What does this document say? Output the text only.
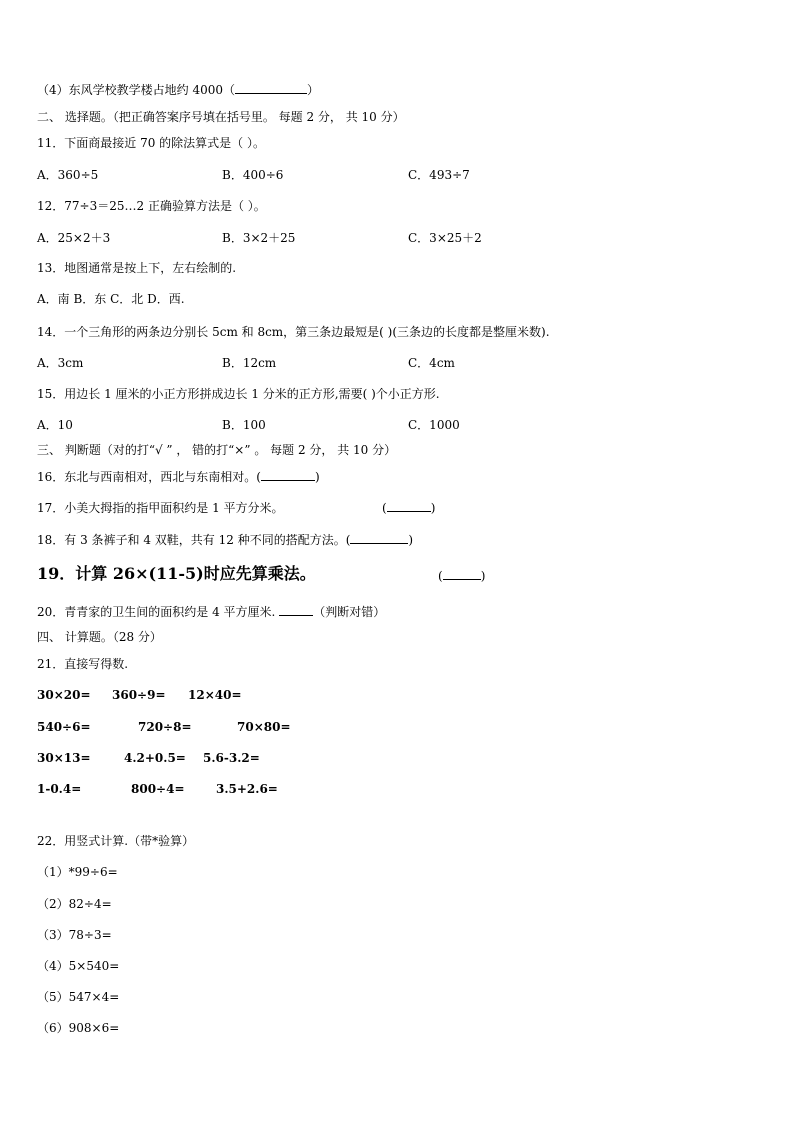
（4）东风学校教学楼占地约 4000（	）
二、 选择题。（把正确答案序号填在括号里。 每题 2 分， 共 10 分）
11．下面商最接近 70 的除法算式是（ ）。
A．360÷5	B．400÷6	C．493÷7
12．77÷3＝25…2 正确验算方法是（ ）。
A．25×2＋3	B．3×2＋25	C．3×25＋2
13．地图通常是按上下，左右绘制的.
A．南 B．东 C．北 D．西.
14．一个三角形的两条边分别长 5cm 和 8cm，第三条边最短是( )(三条边的长度都是整厘米数).
A．3cm	B．12cm	C．4cm
15．用边长 1 厘米的小正方形拼成边长 1 分米的正方形,需要( )个小正方形.
A．10	B．100	C．1000
三、 判断题（对的打“√ ” ， 错的打“×” 。 每题 2 分， 共 10 分）
16．东北与西南相对，西北与东南相对。(	)
17．小美大拇指的指甲面积约是 1 平方分米。	(	)
18．有 3 条裤子和 4 双鞋，共有 12 种不同的搭配方法。(	)
19．计算 26×(11-5)时应先算乘法。	(	)
20．青青家的卫生间的面积约是 4 平方厘米.	（判断对错）
四、 计算题。（28 分）
21．直接写得数.
30×20= 360÷9= 12×40=
540÷6=	720÷8=	70×80=
30×13=	4.2+0.5= 5.6-3.2=
1-0.4=	800÷4=	3.5+2.6=
22．用竖式计算.（带*验算）
（1）*99÷6=
（2）82÷4=
（3）78÷3=
（4）5×540=
（5）547×4=
（6）908×6=
